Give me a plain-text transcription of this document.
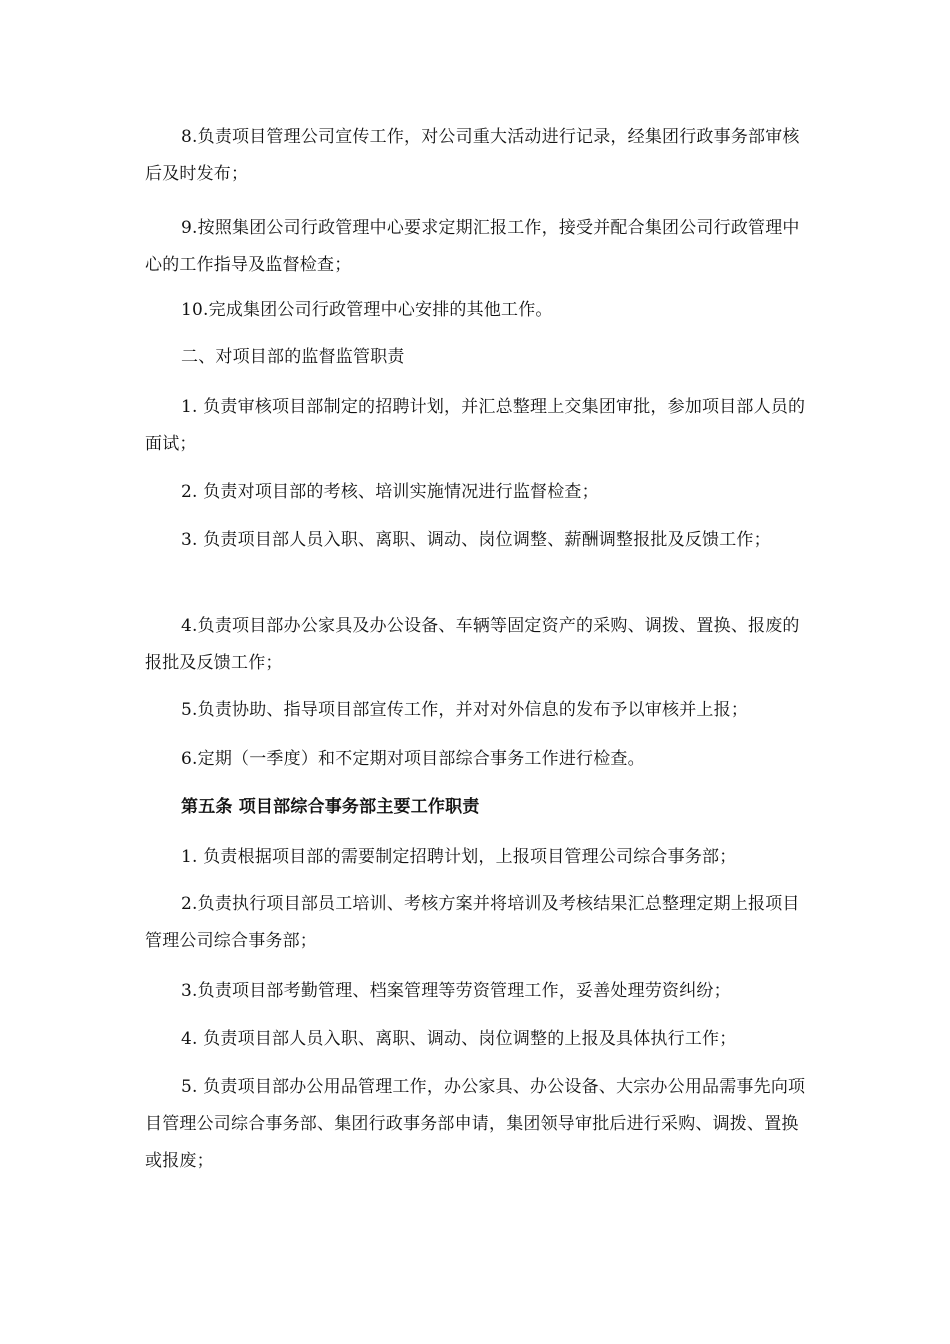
8.负责项目管理公司宣传工作，对公司重大活动进行记录，经集团行政事务部审核后及时发布；

9.按照集团公司行政管理中心要求定期汇报工作，接受并配合集团公司行政管理中心的工作指导及监督检查；

10.完成集团公司行政管理中心安排的其他工作。

二、对项目部的监督监管职责

1. 负责审核项目部制定的招聘计划，并汇总整理上交集团审批，参加项目部人员的面试；

2. 负责对项目部的考核、培训实施情况进行监督检查；

3. 负责项目部人员入职、离职、调动、岗位调整、薪酬调整报批及反馈工作；

4.负责项目部办公家具及办公设备、车辆等固定资产的采购、调拨、置换、报废的报批及反馈工作；

5.负责协助、指导项目部宣传工作，并对对外信息的发布予以审核并上报；

6.定期（一季度）和不定期对项目部综合事务工作进行检查。

第五条 项目部综合事务部主要工作职责

1. 负责根据项目部的需要制定招聘计划，上报项目管理公司综合事务部；

2.负责执行项目部员工培训、考核方案并将培训及考核结果汇总整理定期上报项目管理公司综合事务部；

3.负责项目部考勤管理、档案管理等劳资管理工作，妥善处理劳资纠纷；

4. 负责项目部人员入职、离职、调动、岗位调整的上报及具体执行工作；

5. 负责项目部办公用品管理工作，办公家具、办公设备、大宗办公用品需事先向项目管理公司综合事务部、集团行政事务部申请，集团领导审批后进行采购、调拨、置换或报废；
